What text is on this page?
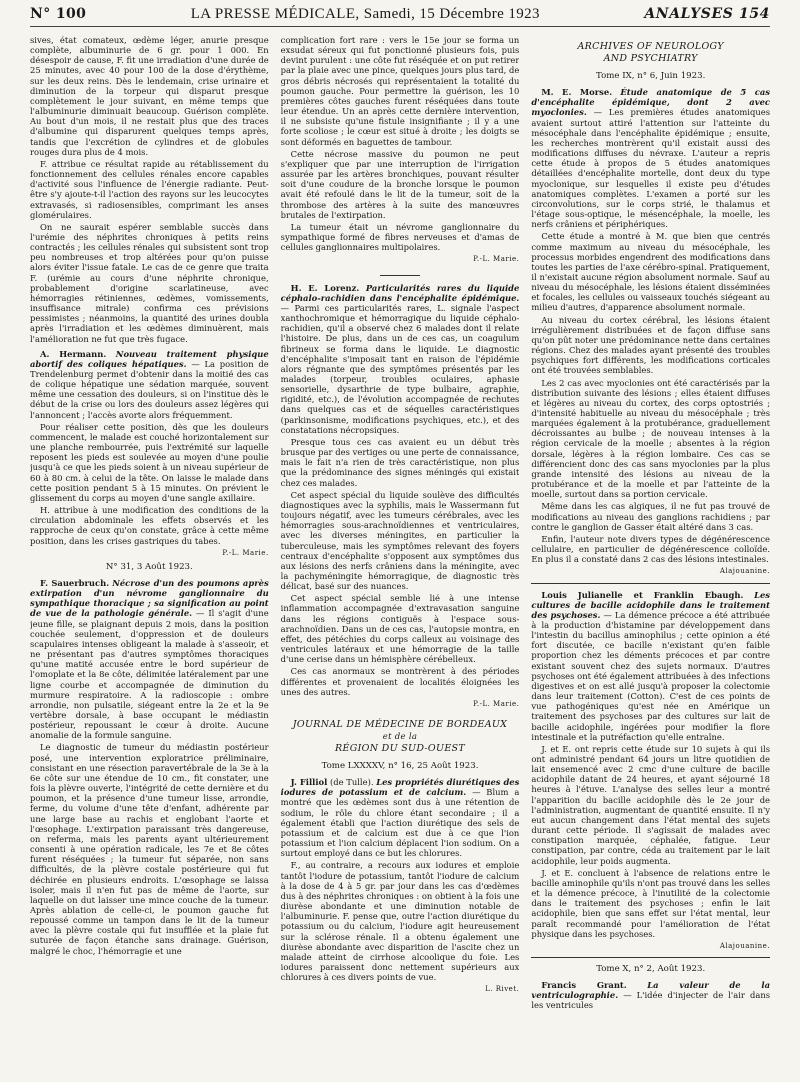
N° 100	LA PRESSE MÉDICALE, Samedi, 15 Décembre 1923	ANALYSES 154

sives, état comateux, œdème léger, anurie presque complète, albuminurie de 6 gr. pour 1 000. En désespoir de cause, F. fit une irradiation d'une durée de 25 minutes, avec 40 pour 100 de la dose d'érythème, sur les deux reins. Dès le lendemain, crise urinaire et diminution de la torpeur qui disparut presque complètement le jour suivant, en même temps que l'albuminurie diminuait beaucoup. Guérison complète. Au bout d'un mois, il ne restait plus que des traces d'albumine qui disparurent quelques temps après, tandis que l'excrétion de cylindres et de globules rouges dura plus de 4 mois.

F. attribue ce résultat rapide au rétablissement du fonctionnement des cellules rénales encore capables d'activité sous l'influence de l'énergie radiante. Peut-être s'y ajoute-t-il l'action des rayons sur les leucocytes extravasés, si radiosensibles, comprimant les anses glomérulaires.

On ne saurait espérer semblable succès dans l'urémie des néphrites chroniques à petits reins contractés ; les cellules rénales qui subsistent sont trop peu nombreuses et trop altérées pour qu'on puisse alors éviter l'issue fatale. Le cas de ce genre que traita F. (urémie au cours d'une néphrite chronique, probablement d'origine scarlatineuse, avec hémorragies rétiniennes, œdèmes, vomissements, insuffisance mitrale) confirma ces prévisions pessimistes ; néanmoins, la quantité des urines doubla après l'irradiation et les œdèmes diminuèrent, mais l'amélioration ne fut que très fugace.

A. Hermann. Nouveau traitement physique abortif des coliques hépatiques. — La position de Trendelenburg permet d'obtenir dans la moitié des cas de colique hépatique une sédation marquée, souvent même une cessation des douleurs, si on l'institue dès le début de la crise ou lors des douleurs assez légères qui l'annoncent ; l'accès avorte alors fréquemment.

Pour réaliser cette position, dès que les douleurs commencent, le malade est couché horizontalement sur une planche rembourrée, puis l'extrémité sur laquelle reposent les pieds est soulevée au moyen d'une poulie jusqu'à ce que les pieds soient à un niveau supérieur de 60 à 80 cm. à celui de la tête. On laisse le malade dans cette position pendant 5 à 15 minutes. On prévient le glissement du corps au moyen d'une sangle axillaire.

H. attribue à une modification des conditions de la circulation abdominale les effets observés et les rapproche de ceux qu'on constate, grâce à cette même position, dans les crises gastriques du tabes.

P.-L. Marie.
N° 31, 3 Août 1923.

F. Sauerbruch. Nécrose d'un des poumons après extirpation d'un névrome ganglionnaire du sympathique thoracique ; sa signification au point de vue de la pathologie générale. — Il s'agit d'une jeune fille, se plaignant depuis 2 mois, dans la position couchée seulement, d'oppression et de douleurs scapulaires intenses obligeant la malade à s'asseoir, et ne présentant pas d'autres symptômes thoraciques qu'une matité accusée entre le bord supérieur de l'omoplate et la 8e côte, délimitée latéralement par une ligne courbe et accompagnée de diminution du murmure respiratoire. A la radioscopie : ombre arrondie, non pulsatile, siégeant entre la 2e et la 9e vertèbre dorsale, à base occupant le médiastin postérieur, repoussant le cœur à droite. Aucune anomalie de la formule sanguine.

Le diagnostic de tumeur du médiastin postérieur posé, une intervention exploratrice préliminaire, consistant en une résection paravertébrale de la 3e à la 6e côte sur une étendue de 10 cm., fit constater, une fois la plèvre ouverte, l'intégrité de cette dernière et du poumon, et la présence d'une tumeur lisse, arrondie, ferme, du volume d'une tête d'enfant, adhérente par une large base au rachis et englobant l'aorte et l'œsophage. L'extirpation paraissant très dangereuse, on referma, mais les parents ayant ultérieurement consenti à une opération radicale, les 7e et 8e côtes furent réséquées ; la tumeur fut séparée, non sans difficultés, de la plèvre costale postérieure qui fut déchirée en plusieurs endroits. L'œsophage se laissa isoler, mais il n'en fut pas de même de l'aorte, sur laquelle on dut laisser une mince couche de la tumeur. Après ablation de celle-ci, le poumon gauche fut repoussé comme un tampon dans le lit de la tumeur avec la plèvre costale qui fut insufflée et la plaie fut suturée de façon étanche sans drainage. Guérison, malgré le choc, l'hémorragie et une

complication fort rare : vers le 15e jour se forma un exsudat séreux qui fut ponctionné plusieurs fois, puis devint purulent : une côte fut réséquée et on put retirer par la plaie avec une pince, quelques jours plus tard, de gros débris nécrosés qui représentaient la totalité du poumon gauche. Pour permettre la guérison, les 10 premières côtes gauches furent réséquées dans toute leur étendue. Un an après cette dernière intervention, il ne subsiste qu'une fistule insignifiante ; il y a une forte scoliose ; le cœur est situé à droite ; les doigts se sont déformés en baguettes de tambour.

Cette nécrose massive du poumon ne peut s'expliquer que par une interruption de l'irrigation assurée par les artères bronchiques, pouvant résulter soit d'une coudure de la bronche lorsque le poumon avait été refoulé dans le lit de la tumeur, soit de la thrombose des artères à la suite des manœuvres brutales de l'extirpation.

La tumeur était un névrome ganglionnaire du sympathique formé de fibres nerveuses et d'amas de cellules ganglionnaires multipolaires.

P.-L. Marie.

H. E. Lorenz. Particularités rares du liquide céphalo-rachidien dans l'encéphalite épidémique. — Parmi ces particularités rares, L. signale l'aspect xanthochromique et hémorragique du liquide céphalo-rachidien, qu'il a observé chez 6 malades dont il relate l'histoire. De plus, dans un de ces cas, un coagulum fibrineux se forma dans le liquide. Le diagnostic d'encéphalite s'imposait tant en raison de l'épidémie alors régnante que des symptômes présentés par les malades (torpeur, troubles oculaires, aphasie sensorielle, dysarthrie de type bulbaire, agraphie, rigidité, etc.), de l'évolution accompagnée de rechutes dans quelques cas et de séquelles caractéristiques (parkinsonisme, modifications psychiques, etc.), et des constatations nécropsiques.

Presque tous ces cas avaient eu un début très brusque par des vertiges ou une perte de connaissance, mais le fait n'a rien de très caractéristique, non plus que la prédominance des signes méningés qui existait chez ces malades.

Cet aspect spécial du liquide soulève des difficultés diagnostiques avec la syphilis, mais le Wassermann fut toujours négatif, avec les tumeurs cérébrales, avec les hémorragies sous-arachnoïdiennes et ventriculaires, avec les diverses méningites, en particulier la tuberculeuse, mais les symptômes relevant des foyers centraux d'encéphalite s'opposent aux symptômes dus aux lésions des nerfs crâniens dans la méningite, avec la pachyméningite hémorragique, de diagnostic très délicat, basé sur des nuances.

Cet aspect spécial semble lié à une intense inflammation accompagnée d'extravasation sanguine dans les régions contiguës à l'espace sous-arachnoïdien. Dans un de ces cas, l'autopsie montra, en effet, des pétéchies du corps calleux au voisinage des ventricules latéraux et une hémorragie de la taille d'une cerise dans un hémisphère cérébelleux.

Ces cas anormaux se montrèrent à des périodes différentes et provenaient de localités éloignées les unes des autres.

P.-L. Marie.
JOURNAL DE MÉDECINE DE BORDEAUX
et de la
RÉGION DU SUD-OUEST
Tome LXXXXV, n° 16, 25 Août 1923.

J. Filliol (de Tulle). Les propriétés diurétiques des iodures de potassium et de calcium. — Blum a montré que les œdèmes sont dus à une rétention de sodium, le rôle du chlore étant secondaire ; il a également établi que l'action diurétique des sels de potassium et de calcium est due à ce que l'ion potassium et l'ion calcium déplacent l'ion sodium. On a surtout employé dans ce but les chlorures.

F., au contraire, a recours aux iodures et emploie tantôt l'iodure de potassium, tantôt l'iodure de calcium à la dose de 4 à 5 gr. par jour dans les cas d'œdèmes dus à des néphrites chroniques : on obtient à la fois une diurèse abondante et une diminution notable de l'albuminurie. F. pense que, outre l'action diurétique du potassium ou du calcium, l'iodure agit heureusement sur la sclérose rénale. Il a obtenu également une diurèse abondante avec disparition de l'ascite chez un malade atteint de cirrhose alcoolique du foie. Les iodures paraissent donc nettement supérieurs aux chlorures à ces divers points de vue.

L. Rivet.
ARCHIVES OF NEUROLOGY
AND PSYCHIATRY
Tome IX, n° 6, Juin 1923.

M. E. Morse. Étude anatomique de 5 cas d'encéphalite épidémique, dont 2 avec myoclonies. — Les premières études anatomiques avaient surtout attiré l'attention sur l'atteinte du mésocéphale dans l'encéphalite épidémique ; ensuite, les recherches montrèrent qu'il existait aussi des modifications diffuses du névraxe. L'auteur a repris cette étude à propos de 5 études anatomiques détaillées d'encéphalite mortelle, dont deux du type myoclonique, sur lesquelles il existe peu d'études anatomiques complètes. L'examen a porté sur les circonvolutions, sur le corps strié, le thalamus et l'étage sous-optique, le mésencéphale, la moelle, les nerfs crâniens et périphériques.

Cette étude a montré à M. que bien que centrés comme maximum au niveau du mésocéphale, les processus morbides engendrent des modifications dans toutes les parties de l'axe cérébro-spinal. Pratiquement, il n'existait aucune région absolument normale. Sauf au niveau du mésocéphale, les lésions étaient disséminées et focales, les cellules ou vaisseaux touchés siégeant au milieu d'autres, d'apparence absolument normale.

Au niveau du cortex cérébral, les lésions étaient irrégulièrement distribuées et de façon diffuse sans qu'on pût noter une prédominance nette dans certaines régions. Chez des malades ayant présenté des troubles psychiques fort différents, les modifications corticales ont été trouvées semblables.

Les 2 cas avec myoclonies ont été caractérisés par la distribution suivante des lésions ; elles étaient diffuses et légères au niveau du cortex, des corps optostriés ; d'intensité habituelle au niveau du mésocéphale ; très marquées également à la protubérance, graduellement décroissantes au bulbe ; de nouveau intenses à la région cervicale de la moelle ; absentes à la région dorsale, légères à la région lombaire. Ces cas se différencient donc des cas sans myoclonies par la plus grande intensité des lésions au niveau de la protubérance et de la moelle et par l'atteinte de la moelle, surtout dans sa portion cervicale.

Même dans les cas algiques, il ne fut pas trouvé de modifications au niveau des ganglions rachidiens ; par contre le ganglion de Gasser était altéré dans 3 cas.

Enfin, l'auteur note divers types de dégénérescence cellulaire, en particulier de dégénérescence colloïde. En plus il a constaté dans 2 cas des lésions intestinales.

Alajouanine.

Louis Julianelle et Franklin Ebaugh. Les cultures de bacille acidophile dans le traitement des psychoses. — La démence précoce a été attribuée à la production d'histamine par développement dans l'intestin du bacillus aminophilus ; cette opinion a été fort discutée, ce bacille n'existant qu'en faible proportion chez les déments précoces et par contre existant souvent chez des sujets normaux. D'autres psychoses ont été également attribuées à des infections digestives et on est allé jusqu'à proposer la colectomie dans leur traitement (Cotton). C'est de ces points de vue pathogéniques qu'est née en Amérique un traitement des psychoses par des cultures sur lait de bacille acidophile, ingérées pour modifier la flore intestinale et la putréfaction qu'elle entraîne.

J. et E. ont repris cette étude sur 10 sujets à qui ils ont administré pendant 64 jours un litre quotidien de lait ensemencé avec 2 cmc d'une culture de bacille acidophile datant de 24 heures, et ayant séjourné 18 heures à l'étuve. L'analyse des selles leur a montré l'apparition du bacille acidophile dès le 2e jour de l'administration, augmentant de quantité ensuite. Il n'y eut aucun changement dans l'état mental des sujets durant cette période. Il s'agissait de malades avec constipation marquée, céphalée, fatigue. Leur constipation, par contre, céda au traitement par le lait acidophile, leur poids augmenta.

J. et E. concluent à l'absence de relations entre le bacille aminophile qu'ils n'ont pas trouvé dans les selles et la démence précoce, à l'inutilité de la colectomie dans le traitement des psychoses ; enfin le lait acidophile, bien que sans effet sur l'état mental, leur paraît recommandé pour l'amélioration de l'état physique dans les psychoses.

Alajouanine.
Tome X, n° 2, Août 1923.

Francis Grant. La valeur de la ventriculographie. — L'idée d'injecter de l'air dans les ventricules
